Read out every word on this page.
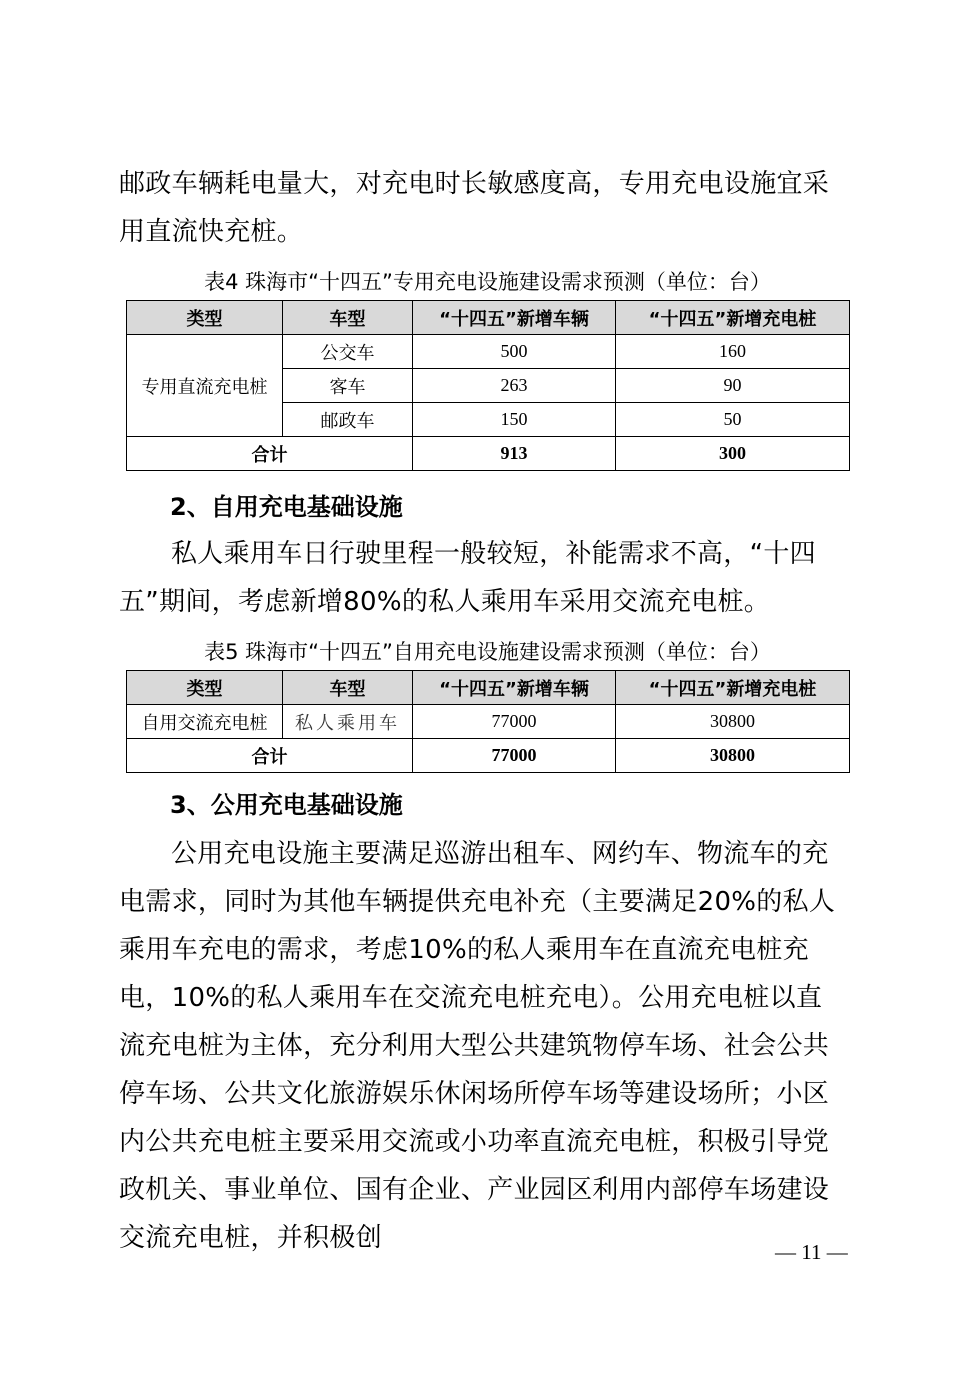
邮政车辆耗电量大，对充电时长敏感度高，专用充电设施宜采用直流快充桩。

表4 珠海市“十四五”专用充电设施建设需求预测（单位：台）
类型	车型	“十四五”新增车辆	“十四五”新增充电桩
专用直流充电桩	公交车	500	160
	客车	263	90
	邮政车	150	50
合计		913	300
2、自用充电基础设施

私人乘用车日行驶里程一般较短，补能需求不高，“十四五”期间，考虑新增80%的私人乘用车采用交流充电桩。

表5 珠海市“十四五”自用充电设施建设需求预测（单位：台）
类型	车型	“十四五”新增车辆	“十四五”新增充电桩
自用交流充电桩	私人乘用车	77000	30800
合计		77000	30800
3、公用充电基础设施

公用充电设施主要满足巡游出租车、网约车、物流车的充电需求，同时为其他车辆提供充电补充（主要满足20%的私人乘用车充电的需求，考虑10%的私人乘用车在直流充电桩充电，10%的私人乘用车在交流充电桩充电）。公用充电桩以直流充电桩为主体，充分利用大型公共建筑物停车场、社会公共停车场、公共文化旅游娱乐休闲场所停车场等建设场所；小区内公共充电桩主要采用交流或小功率直流充电桩，积极引导党政机关、事业单位、国有企业、产业园区利用内部停车场建设交流充电桩，并积极创	— 11 —
